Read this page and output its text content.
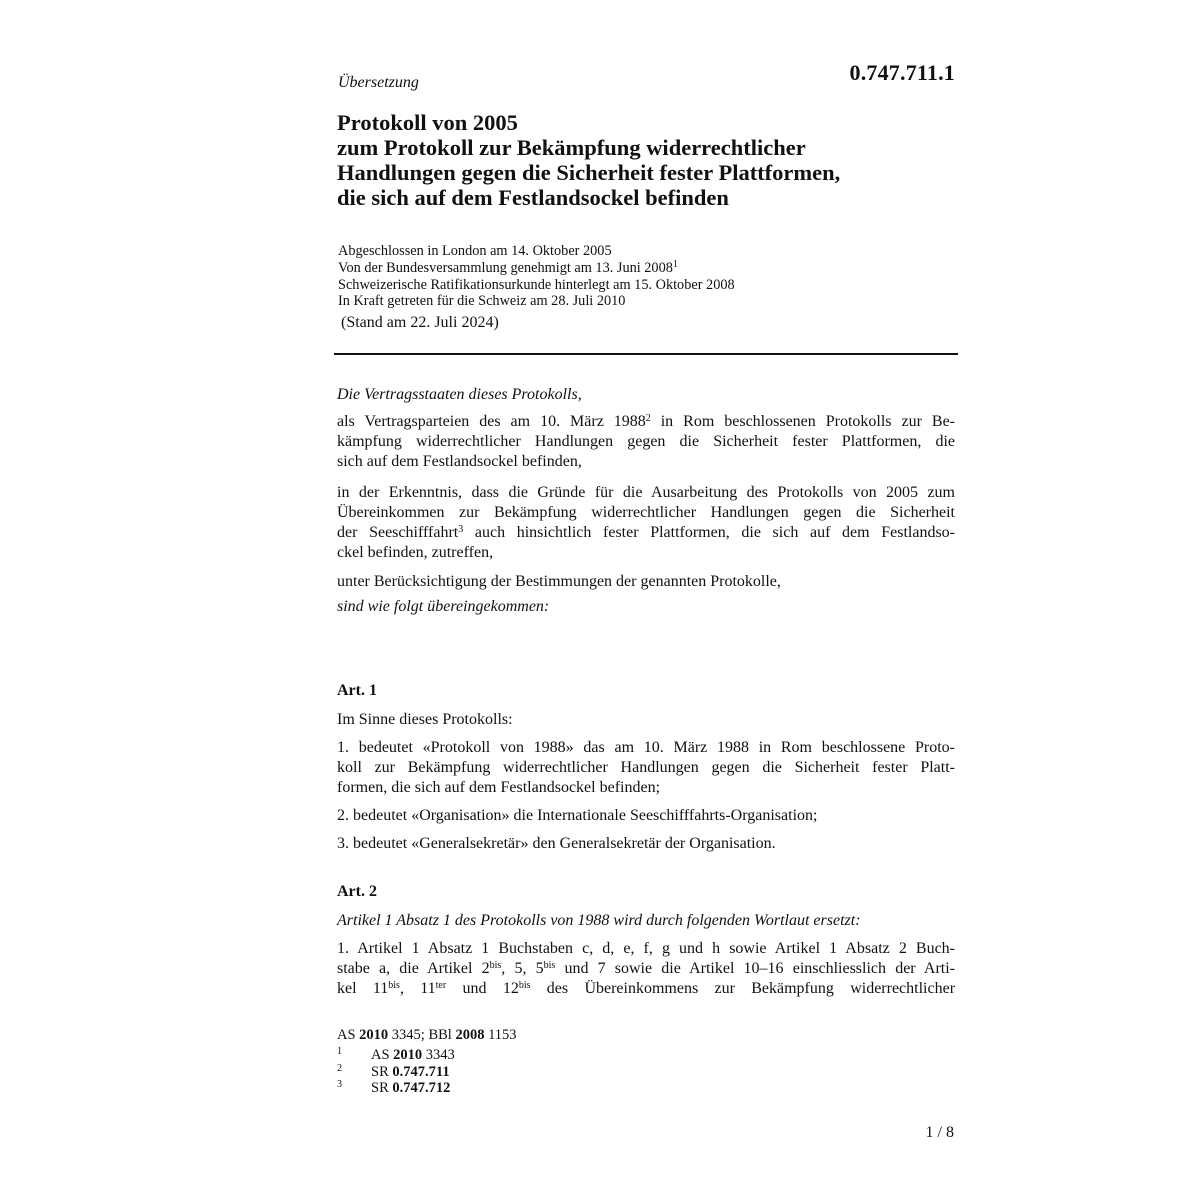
Übersetzung	0.747.711.1
Protokoll von 2005
zum Protokoll zur Bekämpfung widerrechtlicher
Handlungen gegen die Sicherheit fester Plattformen,
die sich auf dem Festlandsockel befinden
Abgeschlossen in London am 14. Oktober 2005
Von der Bundesversammlung genehmigt am 13. Juni 2008$^1$
Schweizerische Ratifikationsurkunde hinterlegt am 15. Oktober 2008
In Kraft getreten für die Schweiz am 28. Juli 2010
(Stand am 22. Juli 2024)
Die Vertragsstaaten dieses Protokolls,
als Vertragsparteien des am 10. März 1988$^2$ in Rom beschlossenen Protokolls zur Be-
kämpfung widerrechtlicher Handlungen gegen die Sicherheit fester Plattformen, die
sich auf dem Festlandsockel befinden,
in der Erkenntnis, dass die Gründe für die Ausarbeitung des Protokolls von 2005 zum
Übereinkommen zur Bekämpfung widerrechtlicher Handlungen gegen die Sicherheit
der Seeschifffahrt$^3$ auch hinsichtlich fester Plattformen, die sich auf dem Festlandso-
ckel befinden, zutreffen,
unter Berücksichtigung der Bestimmungen der genannten Protokolle,
sind wie folgt übereingekommen:
Art. 1
Im Sinne dieses Protokolls:
1. bedeutet «Protokoll von 1988» das am 10. März 1988 in Rom beschlossene Proto-
koll zur Bekämpfung widerrechtlicher Handlungen gegen die Sicherheit fester Platt-
formen, die sich auf dem Festlandsockel befinden;
2. bedeutet «Organisation» die Internationale Seeschifffahrts-Organisation;
3. bedeutet «Generalsekretär» den Generalsekretär der Organisation.
Art. 2
Artikel 1 Absatz 1 des Protokolls von 1988 wird durch folgenden Wortlaut ersetzt:
1. Artikel 1 Absatz 1 Buchstaben c, d, e, f, g und h sowie Artikel 1 Absatz 2 Buch-
stabe a, die Artikel 2$^{bis}$, 5, 5$^{bis}$ und 7 sowie die Artikel 10–16 einschliesslich der Arti-
kel 11$^{bis}$, 11$^{ter}$ und 12$^{bis}$ des Übereinkommens zur Bekämpfung widerrechtlicher
AS 2010 3345; BBl 2008 1153
1 AS 2010 3343
2 SR 0.747.711
3 SR 0.747.712
1 / 8
